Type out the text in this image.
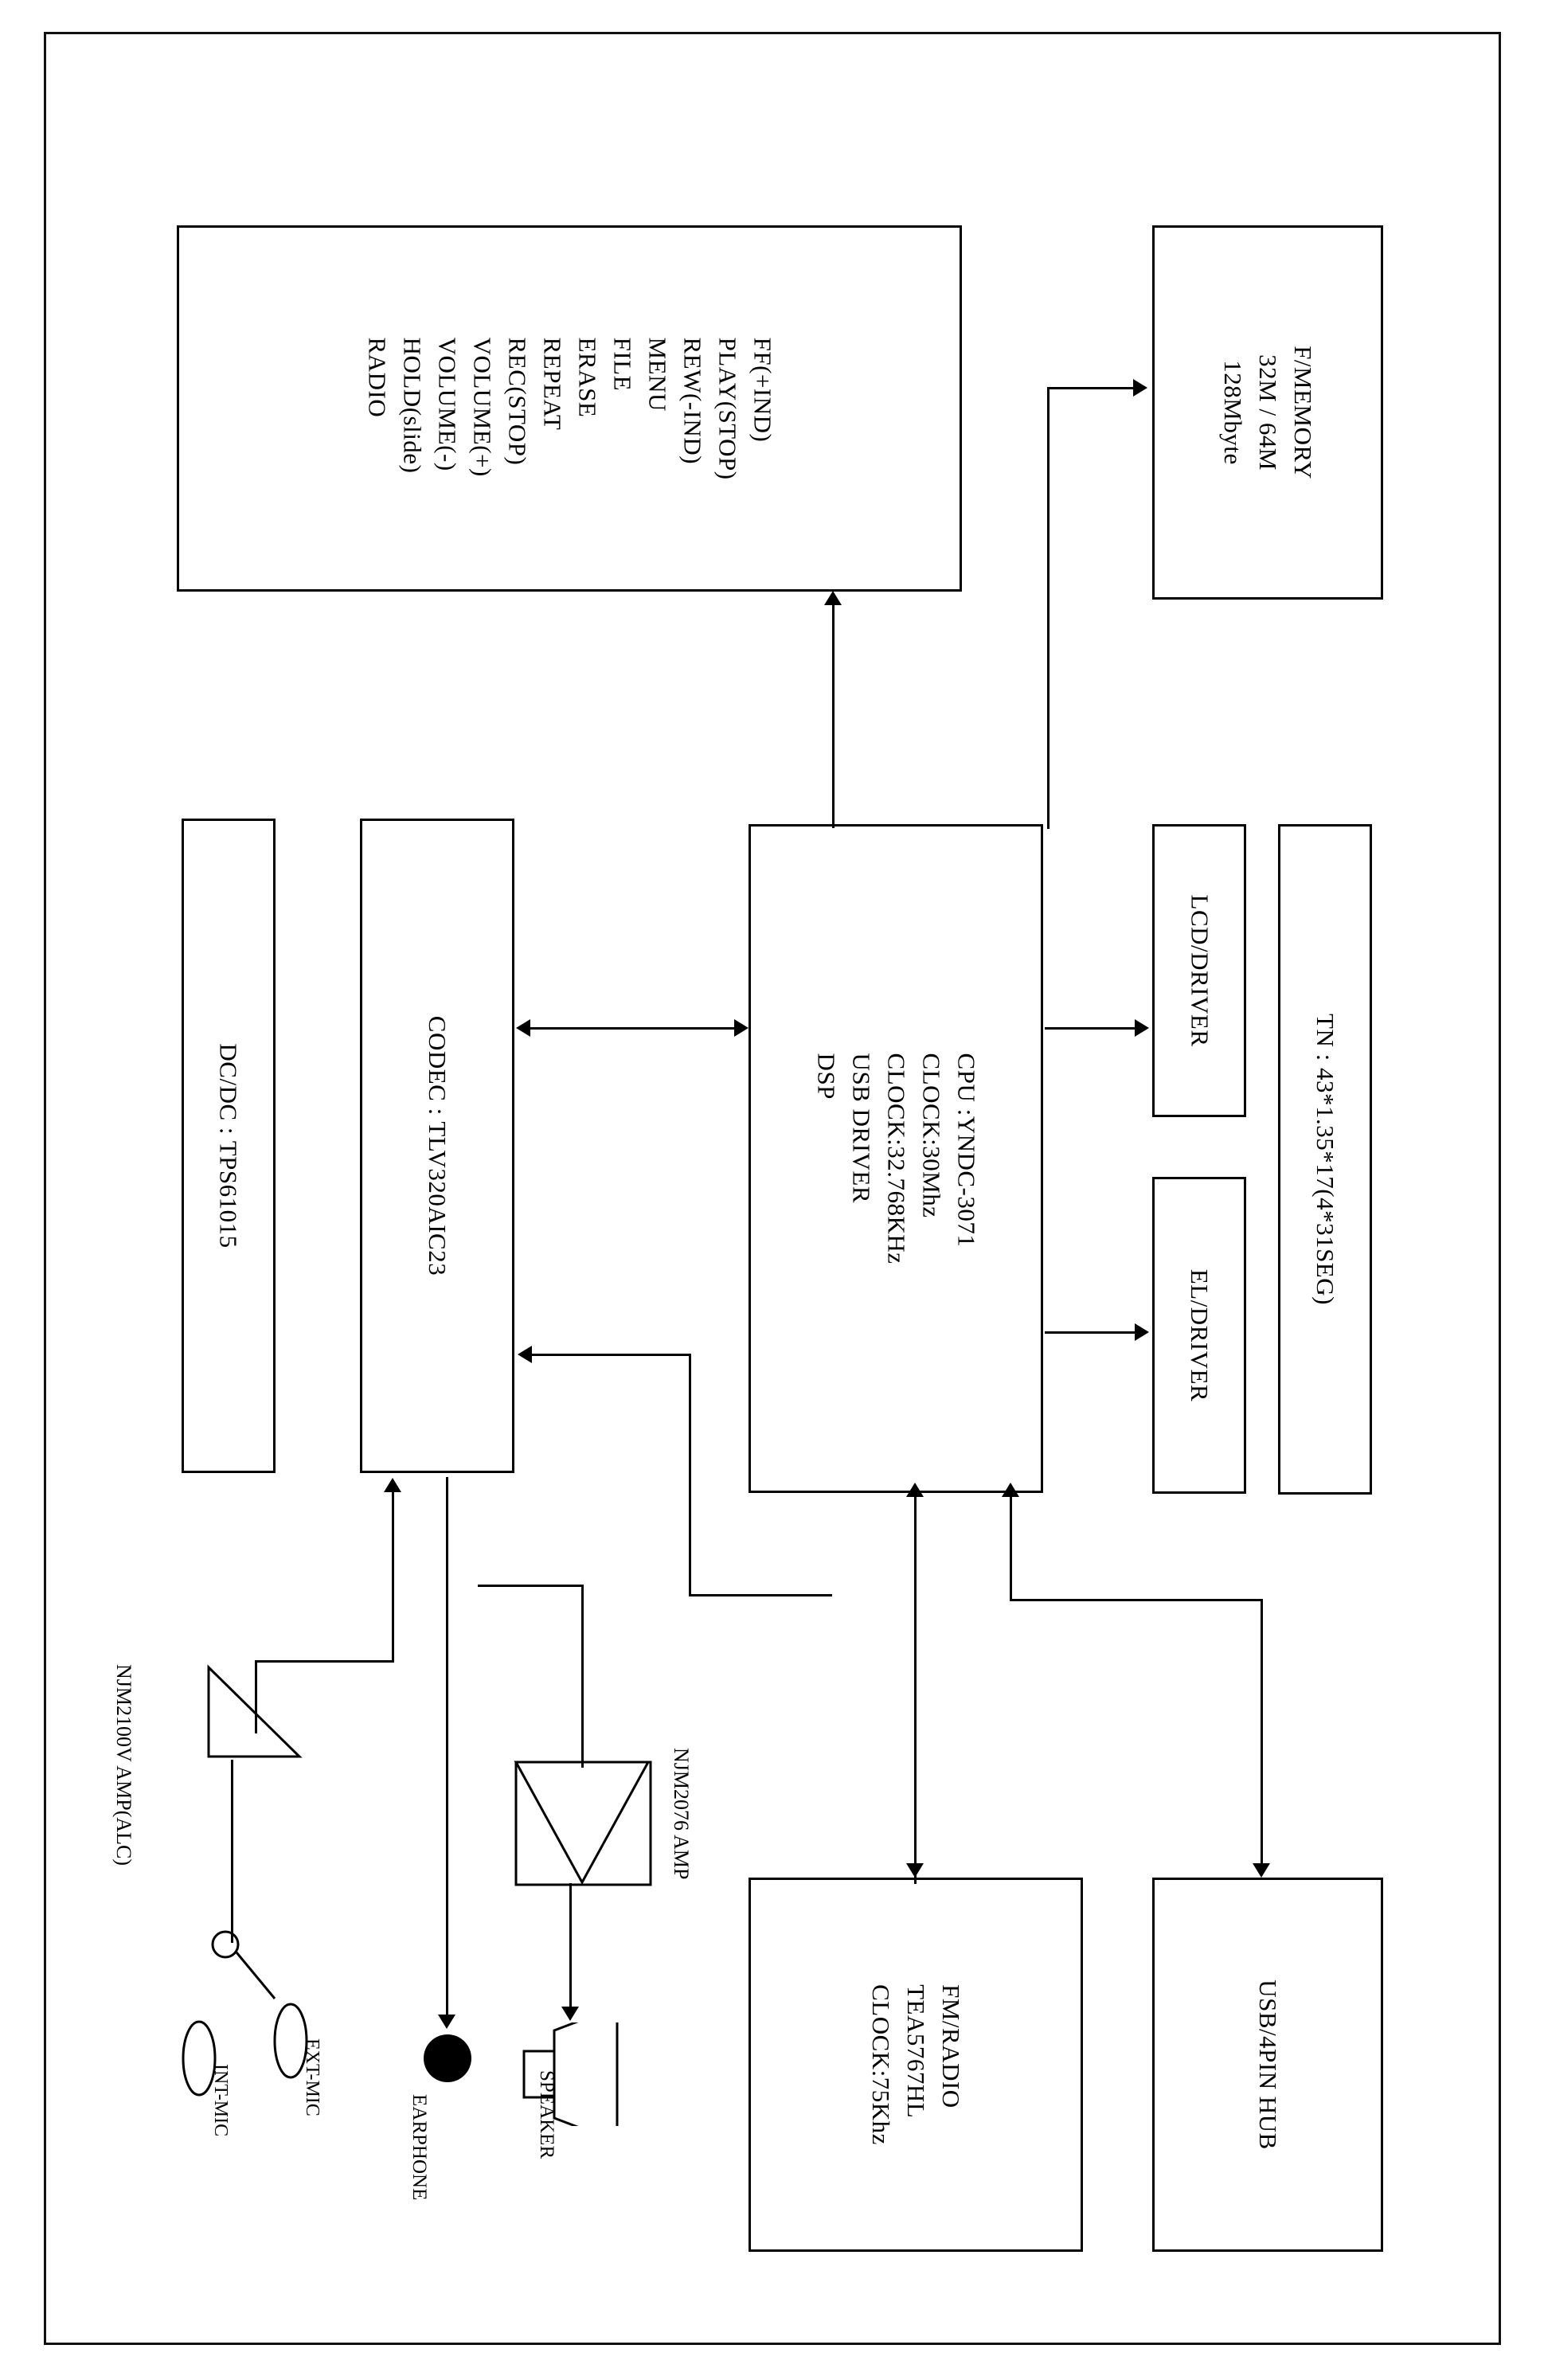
F/MEMORY
32M / 64M
128Mbyte
FF(+IND)
PLAY(STOP)
REW(-IND)
MENU
FILE
ERASE
REPEAT
REC(STOP)
VOLUME(+)
VOLUME(-)
HOLD(slide)
RADIO
CPU :YNDC-3071
CLOCK:30Mhz
CLOCK:32.768KHz
USB DRIVER
DSP
CODEC : TLV320AIC23
DC/DC : TPS61015
LCD/DRIVER
EL/DRIVER
TN : 43*1.35*17(4*31SEG)
FM/RADIO
TEA5767HL
CLOCK:75Khz	USB/4PIN HUB
NJM2100V AMP(ALC)	NJM2076 AMP
EXT-MIC
INT-MIC	EARPHONE	SPEAKER
